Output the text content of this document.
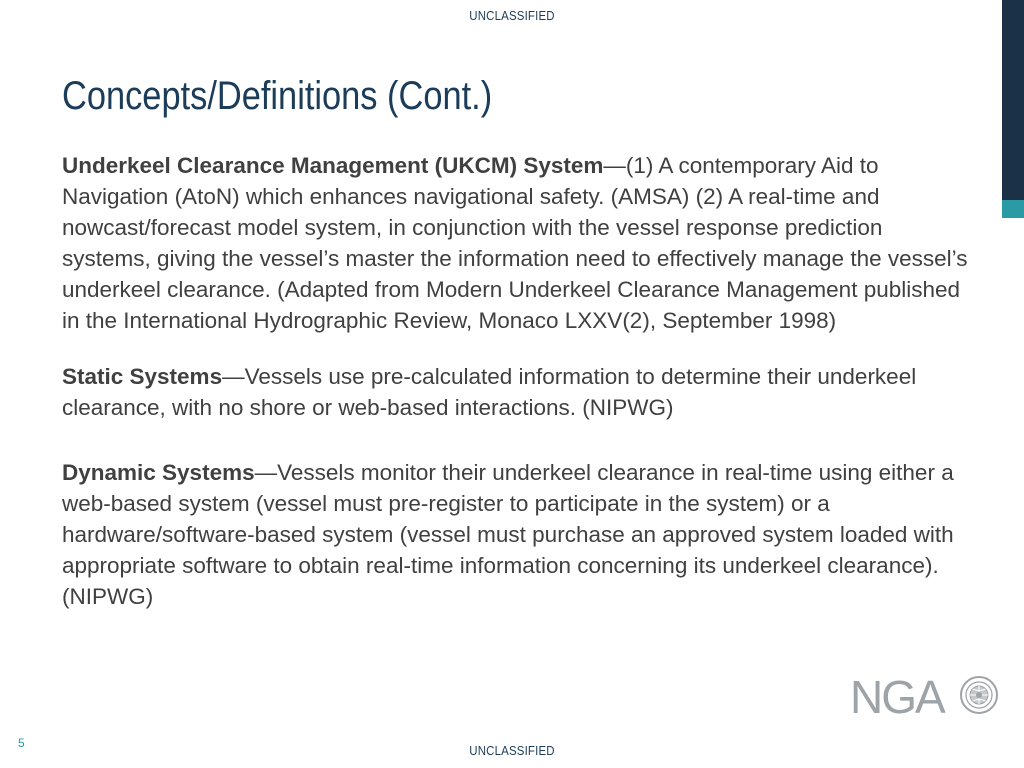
UNCLASSIFIED
Concepts/Definitions (Cont.)

Underkeel Clearance Management (UKCM) System—(1) A contemporary Aid to Navigation (AtoN) which enhances navigational safety. (AMSA) (2) A real-time and nowcast/forecast model system, in conjunction with the vessel response prediction systems, giving the vessel’s master the information need to effectively manage the vessel’s underkeel clearance. (Adapted from Modern Underkeel Clearance Management published in the International Hydrographic Review, Monaco LXXV(2), September 1998)

Static Systems—Vessels use pre-calculated information to determine their underkeel clearance, with no shore or web-based interactions. (NIPWG)

Dynamic Systems—Vessels monitor their underkeel clearance in real-time using either a web-based system (vessel must pre-register to participate in the system) or a hardware/software-based system (vessel must purchase an approved system loaded with appropriate software to obtain real-time information concerning its underkeel clearance). (NIPWG)

NGA
5	UNCLASSIFIED
